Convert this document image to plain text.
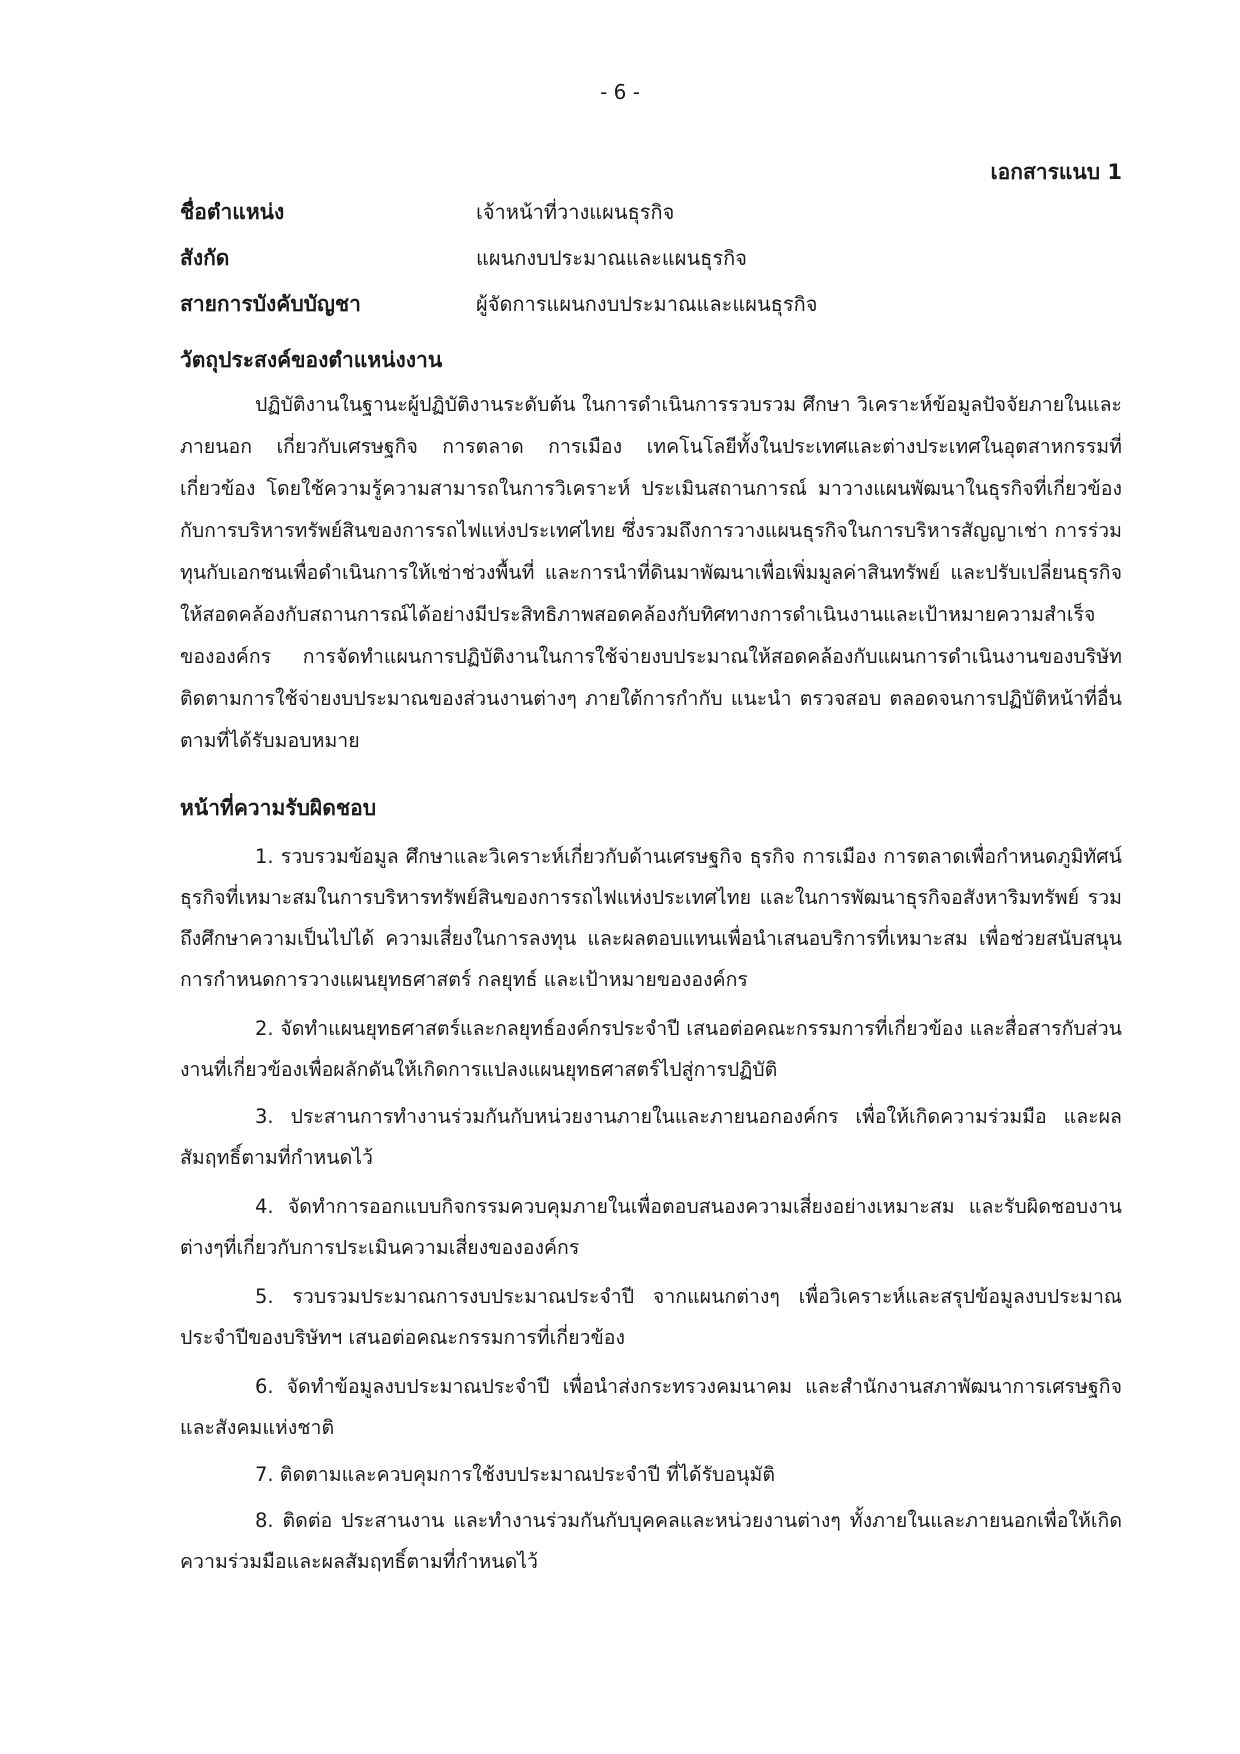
- 6 -
เอกสารแนบ 1
ชื่อตำแหน่ง	เจ้าหน้าที่วางแผนธุรกิจ
สังกัด	แผนกงบประมาณและแผนธุรกิจ
สายการบังคับบัญชา	ผู้จัดการแผนกงบประมาณและแผนธุรกิจ
วัตถุประสงค์ของตำแหน่งงาน

ปฏิบัติงานในฐานะผู้ปฏิบัติงานระดับต้น ในการดำเนินการรวบรวม ศึกษา วิเคราะห์ข้อมูลปัจจัยภายในและภายนอก เกี่ยวกับเศรษฐกิจ การตลาด การเมือง เทคโนโลยีทั้งในประเทศและต่างประเทศในอุตสาหกรรมที่เกี่ยวข้อง โดยใช้ความรู้ความสามารถในการวิเคราะห์ ประเมินสถานการณ์ มาวางแผนพัฒนาในธุรกิจที่เกี่ยวข้องกับการบริหารทรัพย์สินของการรถไฟแห่งประเทศไทย ซึ่งรวมถึงการวางแผนธุรกิจในการบริหารสัญญาเช่า การร่วมทุนกับเอกชนเพื่อดำเนินการให้เช่าช่วงพื้นที่ และการนำที่ดินมาพัฒนาเพื่อเพิ่มมูลค่าสินทรัพย์ และปรับเปลี่ยนธุรกิจให้สอดคล้องกับสถานการณ์ได้อย่างมีประสิทธิภาพสอดคล้องกับทิศทางการดำเนินงานและเป้าหมายความสำเร็จขององค์กร การจัดทำแผนการปฏิบัติงานในการใช้จ่ายงบประมาณให้สอดคล้องกับแผนการดำเนินงานของบริษัท ติดตามการใช้จ่ายงบประมาณของส่วนงานต่างๆ ภายใต้การกำกับ แนะนำ ตรวจสอบ ตลอดจนการปฏิบัติหน้าที่อื่นตามที่ได้รับมอบหมาย

หน้าที่ความรับผิดชอบ

1. รวบรวมข้อมูล ศึกษาและวิเคราะห์เกี่ยวกับด้านเศรษฐกิจ ธุรกิจ การเมือง การตลาดเพื่อกำหนดภูมิทัศน์ธุรกิจที่เหมาะสมในการบริหารทรัพย์สินของการรถไฟแห่งประเทศไทย และในการพัฒนาธุรกิจอสังหาริมทรัพย์ รวมถึงศึกษาความเป็นไปได้ ความเสี่ยงในการลงทุน และผลตอบแทนเพื่อนำเสนอบริการที่เหมาะสม เพื่อช่วยสนับสนุนการกำหนดการวางแผนยุทธศาสตร์ กลยุทธ์ และเป้าหมายขององค์กร

2. จัดทำแผนยุทธศาสตร์และกลยุทธ์องค์กรประจำปี เสนอต่อคณะกรรมการที่เกี่ยวข้อง และสื่อสารกับส่วนงานที่เกี่ยวข้องเพื่อผลักดันให้เกิดการแปลงแผนยุทธศาสตร์ไปสู่การปฏิบัติ

3. ประสานการทำงานร่วมกันกับหน่วยงานภายในและภายนอกองค์กร เพื่อให้เกิดความร่วมมือ และผลสัมฤทธิ์ตามที่กำหนดไว้

4. จัดทำการออกแบบกิจกรรมควบคุมภายในเพื่อตอบสนองความเสี่ยงอย่างเหมาะสม และรับผิดชอบงานต่างๆที่เกี่ยวกับการประเมินความเสี่ยงขององค์กร

5. รวบรวมประมาณการงบประมาณประจำปี จากแผนกต่างๆ เพื่อวิเคราะห์และสรุปข้อมูลงบประมาณประจำปีของบริษัทฯ เสนอต่อคณะกรรมการที่เกี่ยวข้อง

6. จัดทำข้อมูลงบประมาณประจำปี เพื่อนำส่งกระทรวงคมนาคม และสำนักงานสภาพัฒนาการเศรษฐกิจและสังคมแห่งชาติ

7. ติดตามและควบคุมการใช้งบประมาณประจำปี ที่ได้รับอนุมัติ

8. ติดต่อ ประสานงาน และทำงานร่วมกันกับบุคคลและหน่วยงานต่างๆ ทั้งภายในและภายนอกเพื่อให้เกิดความร่วมมือและผลสัมฤทธิ์ตามที่กำหนดไว้
